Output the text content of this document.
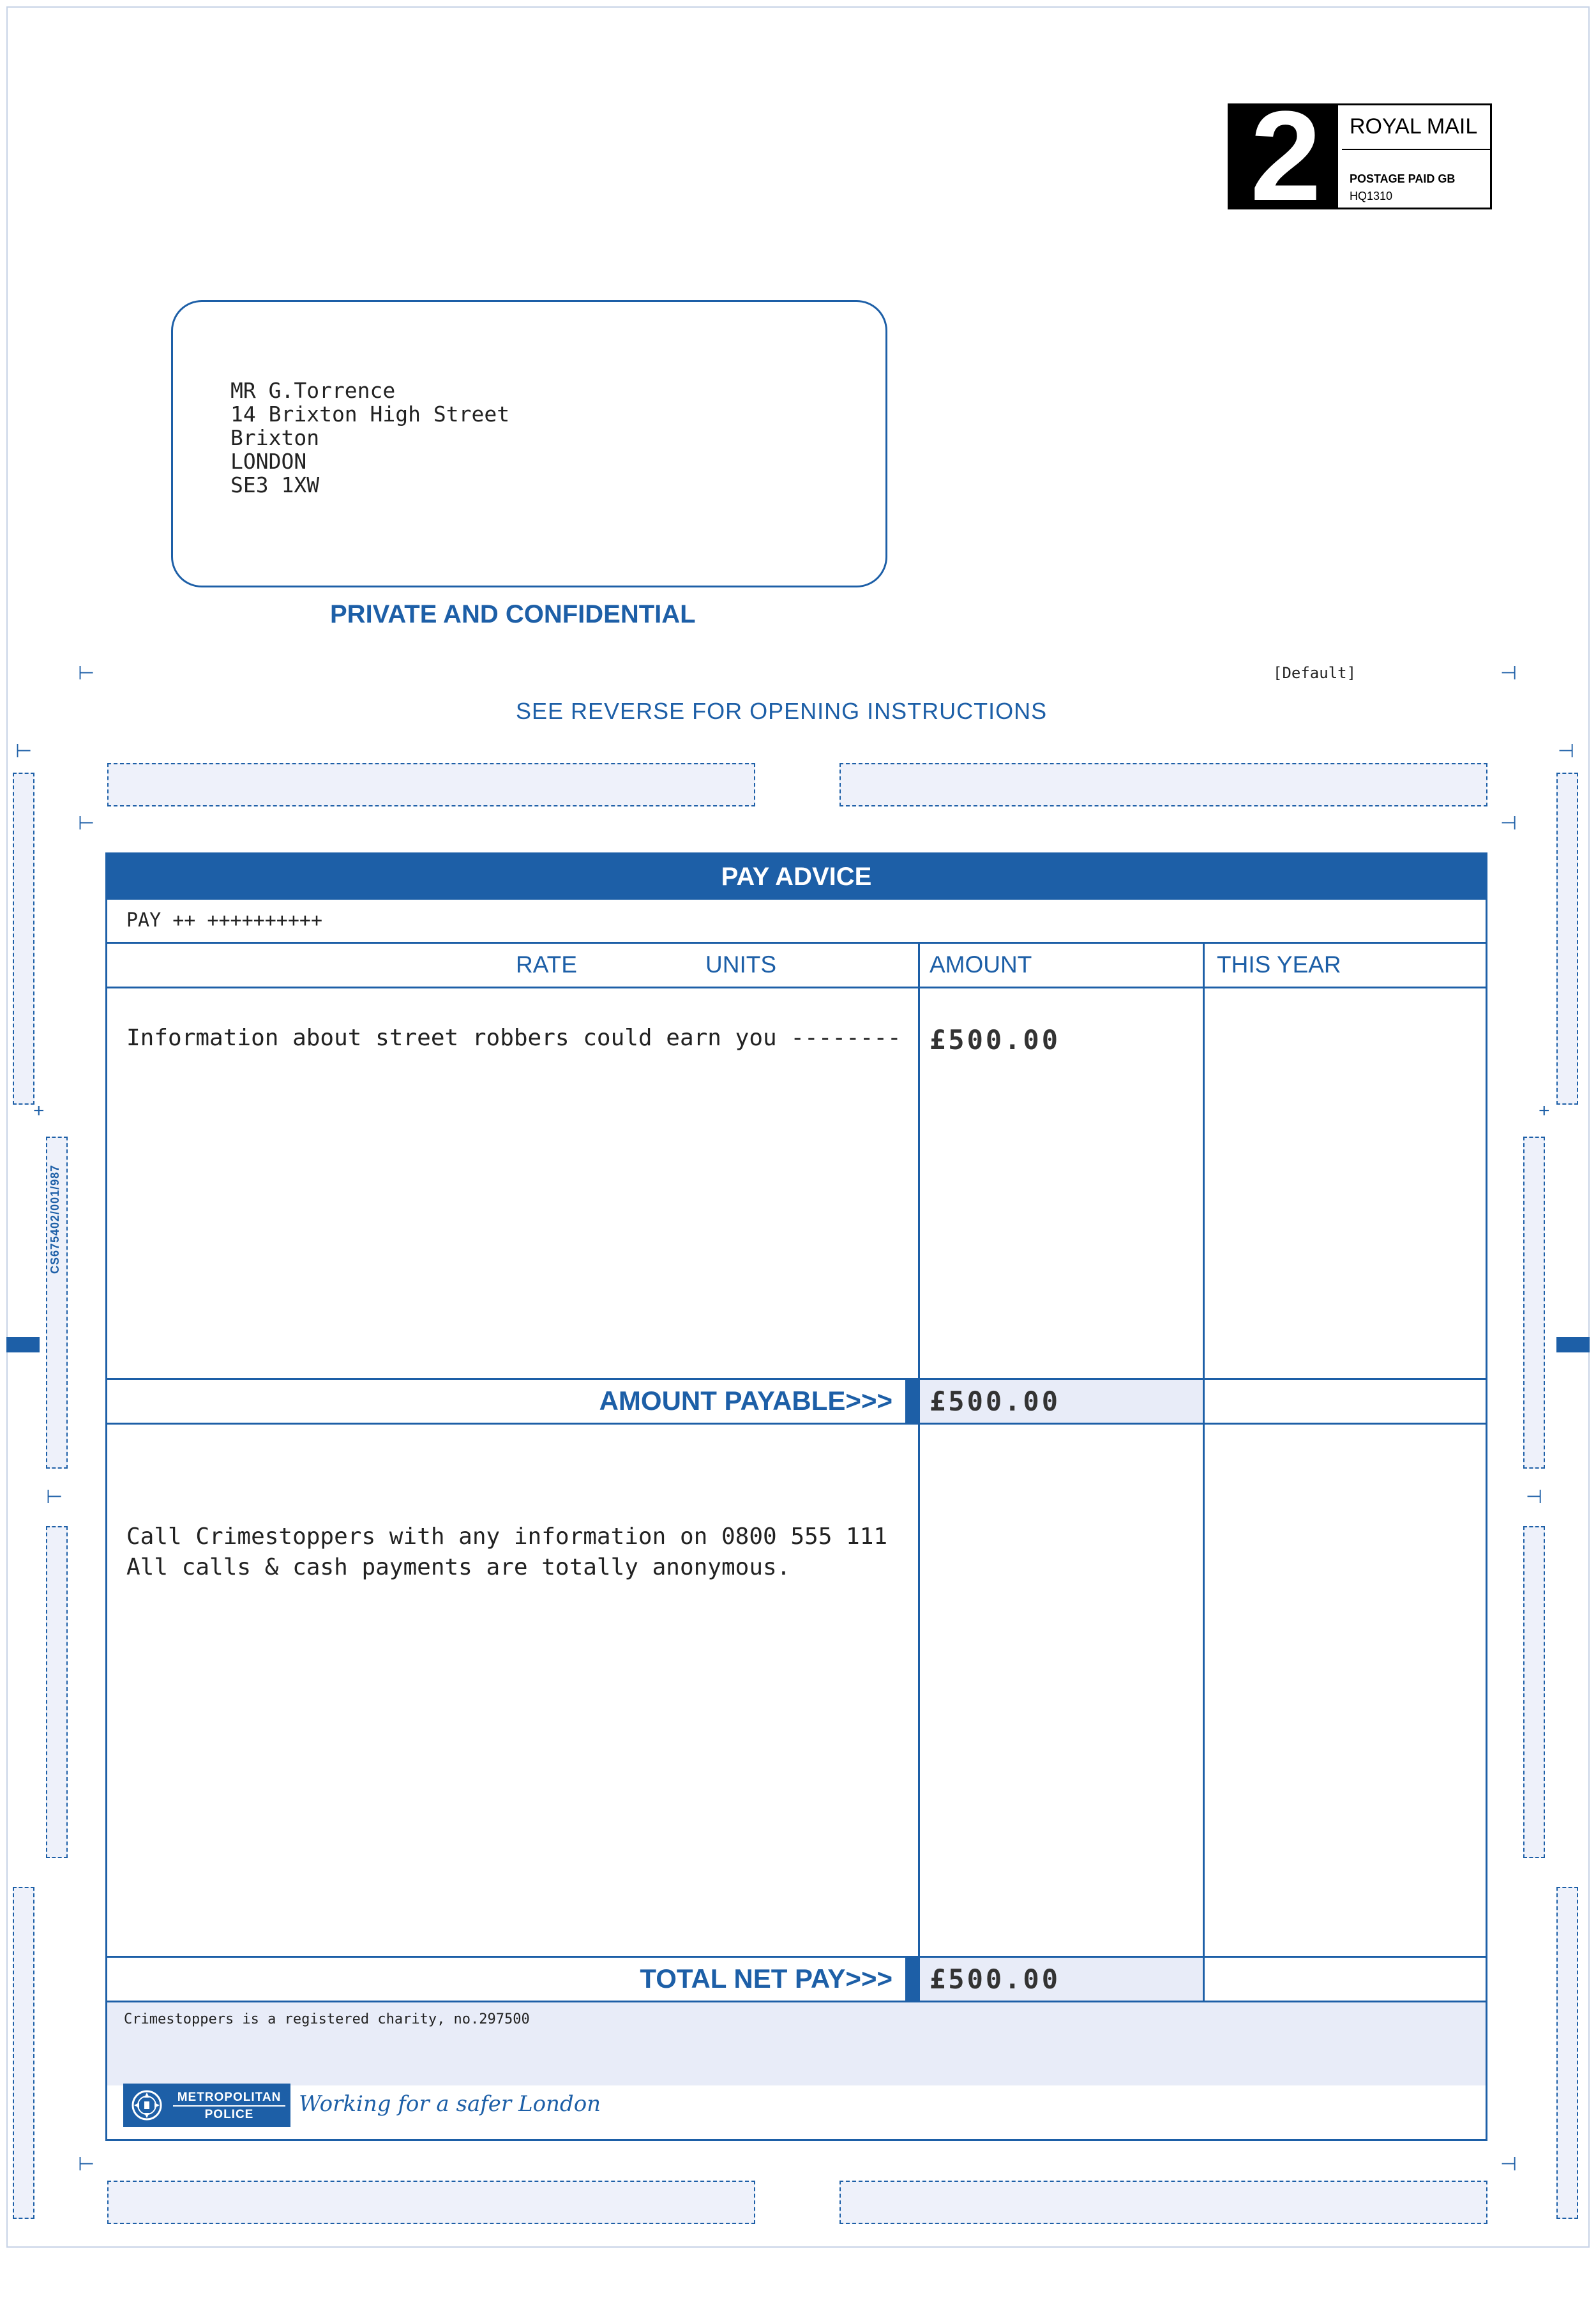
2	ROYAL MAIL
POSTAGE PAID GB
HQ1310
MR G.Torrence
14 Brixton High Street
Brixton
LONDON
SE3 1XW
PRIVATE AND CONFIDENTIAL
[Default]
SEE REVERSE FOR OPENING INSTRUCTIONS
⊢
⊢
⊣
⊣
⊢	⊣
+	+
⊢	⊣
⊢	⊣
CS675402/001/987
PAY ADVICE
PAY ++ ++++++++++
RATE	UNITS	AMOUNT	THIS YEAR
Information about street robbers could earn you -------- £500.00
AMOUNT PAYABLE>>> £500.00
Call Crimestoppers with any information on 0800 555 111
All calls & cash payments are totally anonymous.
TOTAL NET PAY>>> £500.00
Crimestoppers is a registered charity, no.297500
METROPOLITAN
POLICE	Working for a safer London
